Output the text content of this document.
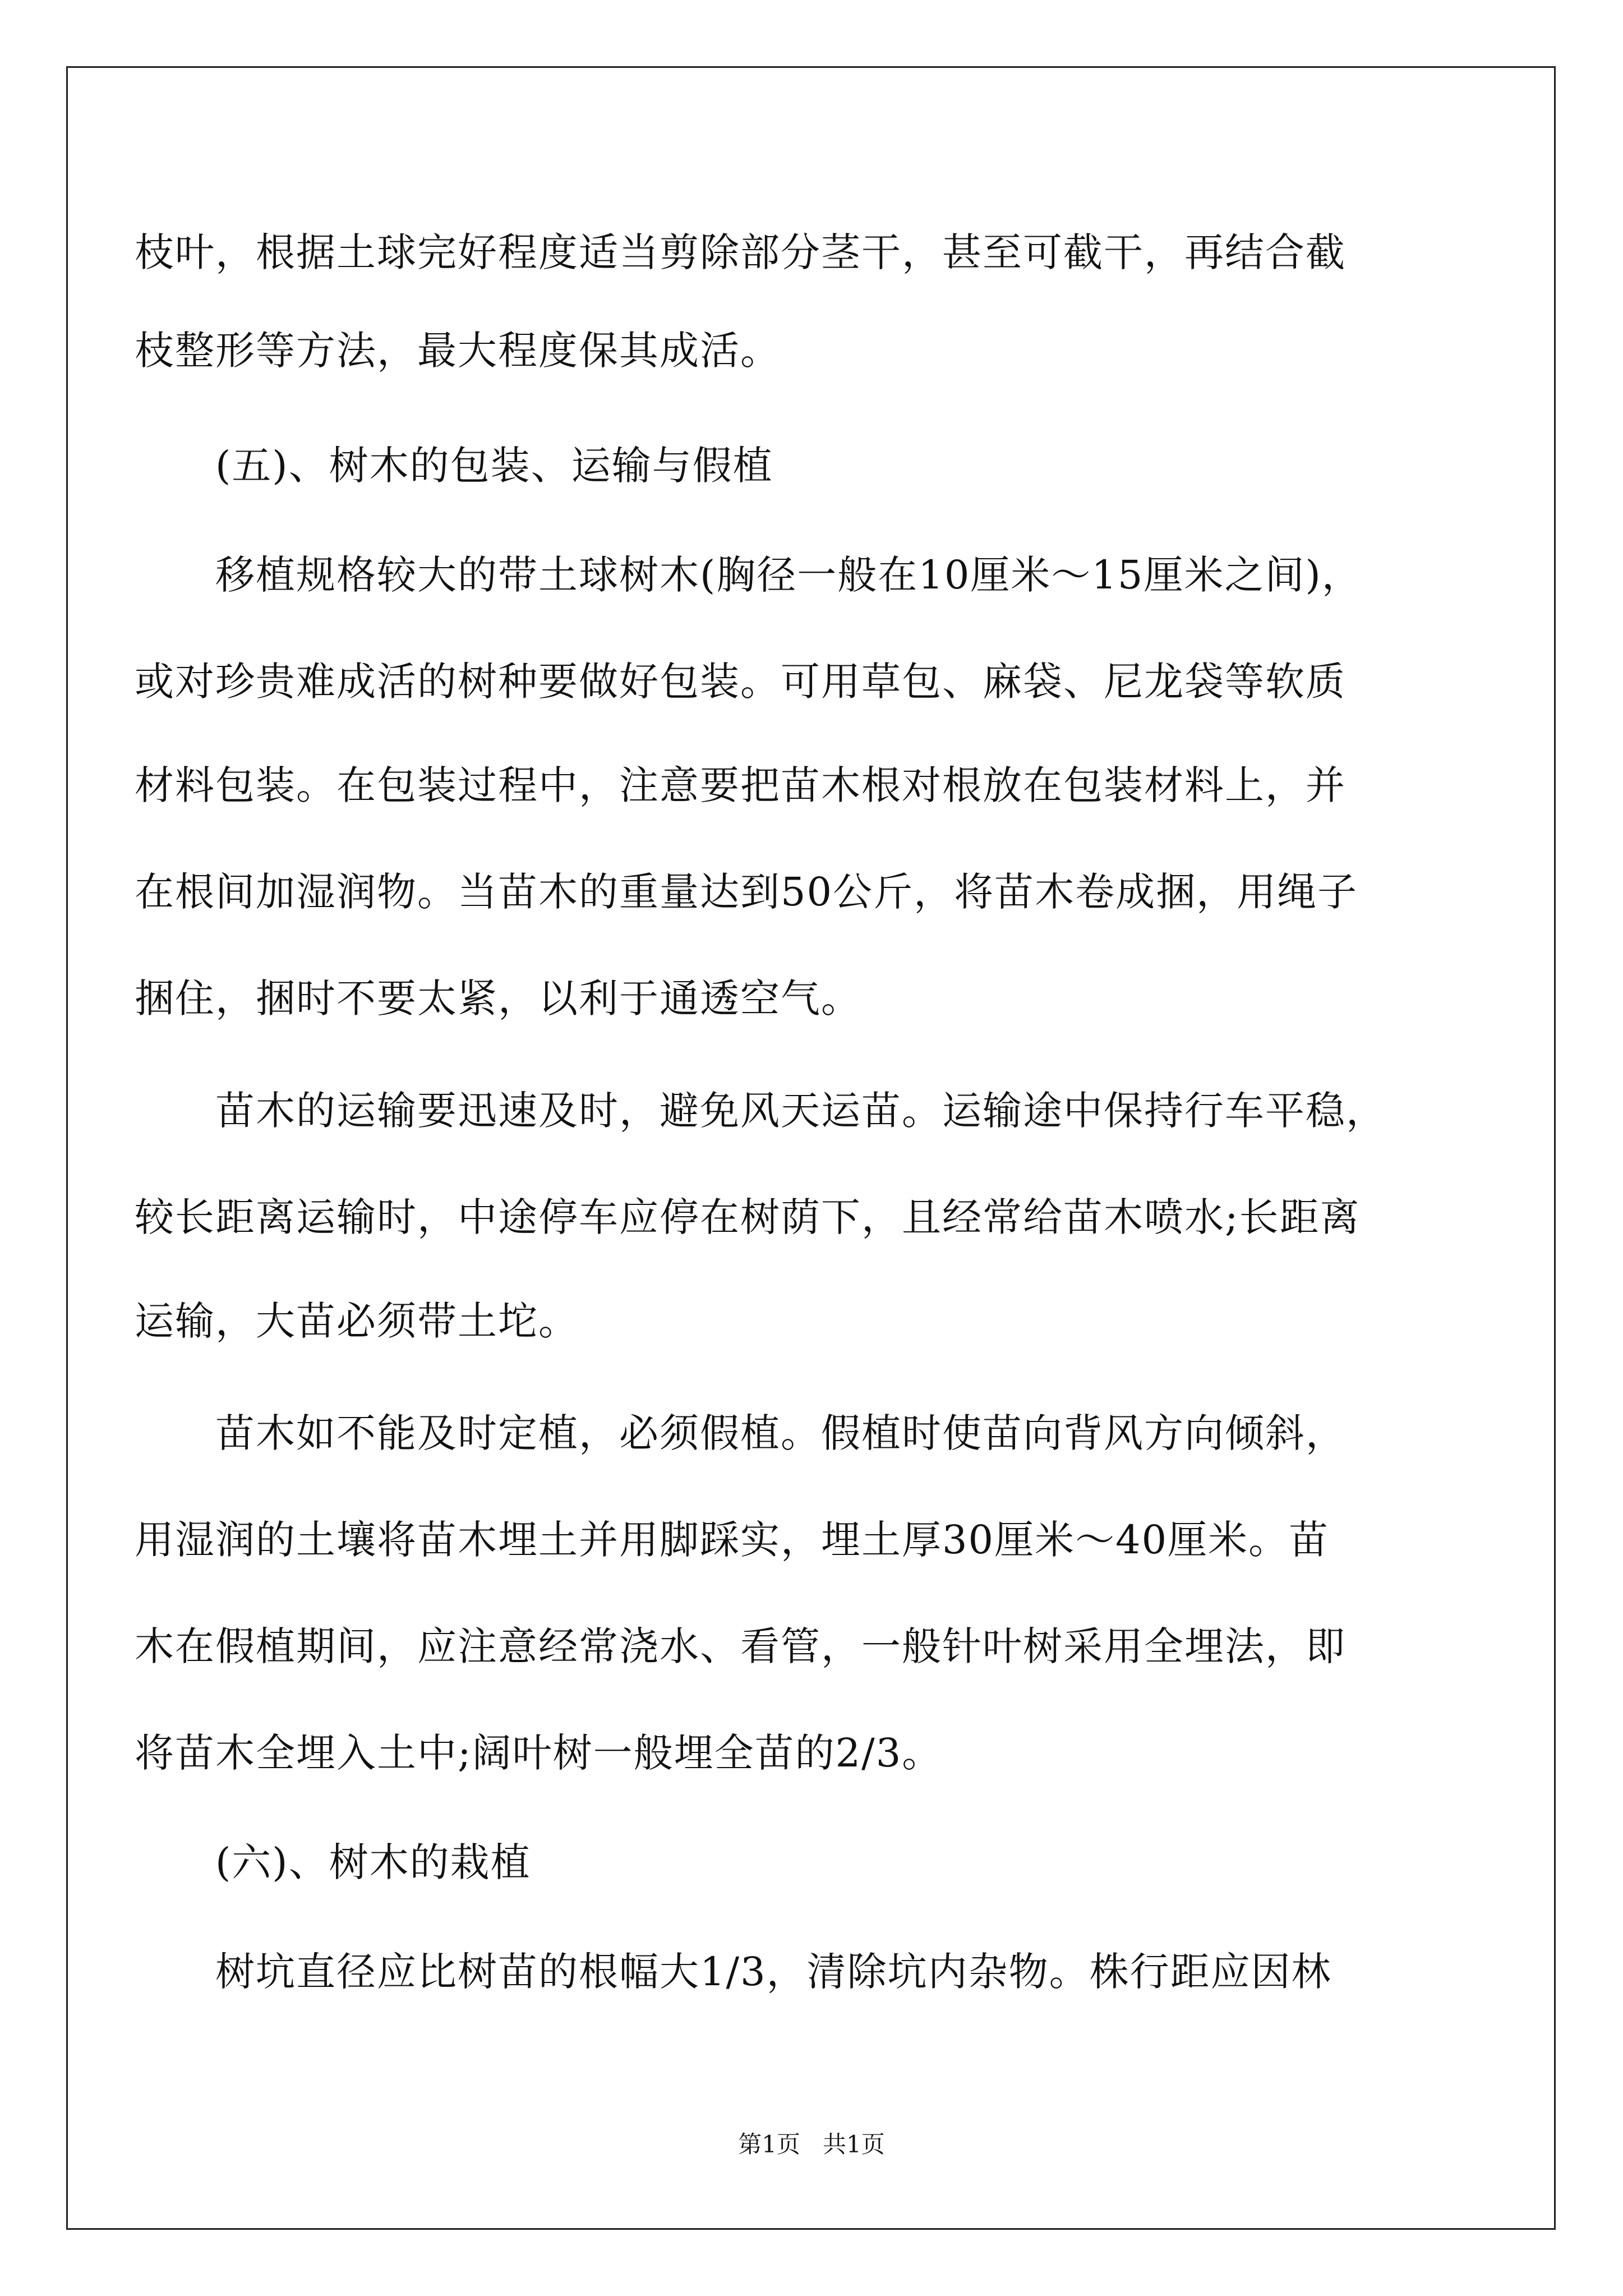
枝叶，根据土球完好程度适当剪除部分茎干，甚至可截干，再结合截
枝整形等方法，最大程度保其成活。
　　(五)、树木的包装、运输与假植
　　移植规格较大的带土球树木(胸径一般在10厘米～15厘米之间)，
或对珍贵难成活的树种要做好包装。可用草包、麻袋、尼龙袋等软质
材料包装。在包装过程中，注意要把苗木根对根放在包装材料上，并
在根间加湿润物。当苗木的重量达到50公斤，将苗木卷成捆，用绳子
捆住，捆时不要太紧，以利于通透空气。
　　苗木的运输要迅速及时，避免风天运苗。运输途中保持行车平稳，
较长距离运输时，中途停车应停在树荫下，且经常给苗木喷水;长距离
运输，大苗必须带土坨。
　　苗木如不能及时定植，必须假植。假植时使苗向背风方向倾斜，
用湿润的土壤将苗木埋土并用脚踩实，埋土厚30厘米～40厘米。苗
木在假植期间，应注意经常浇水、看管，一般针叶树采用全埋法，即
将苗木全埋入土中;阔叶树一般埋全苗的2/3。
　　(六)、树木的栽植
　　树坑直径应比树苗的根幅大1/3，清除坑内杂物。株行距应因林
第1页   共1页
